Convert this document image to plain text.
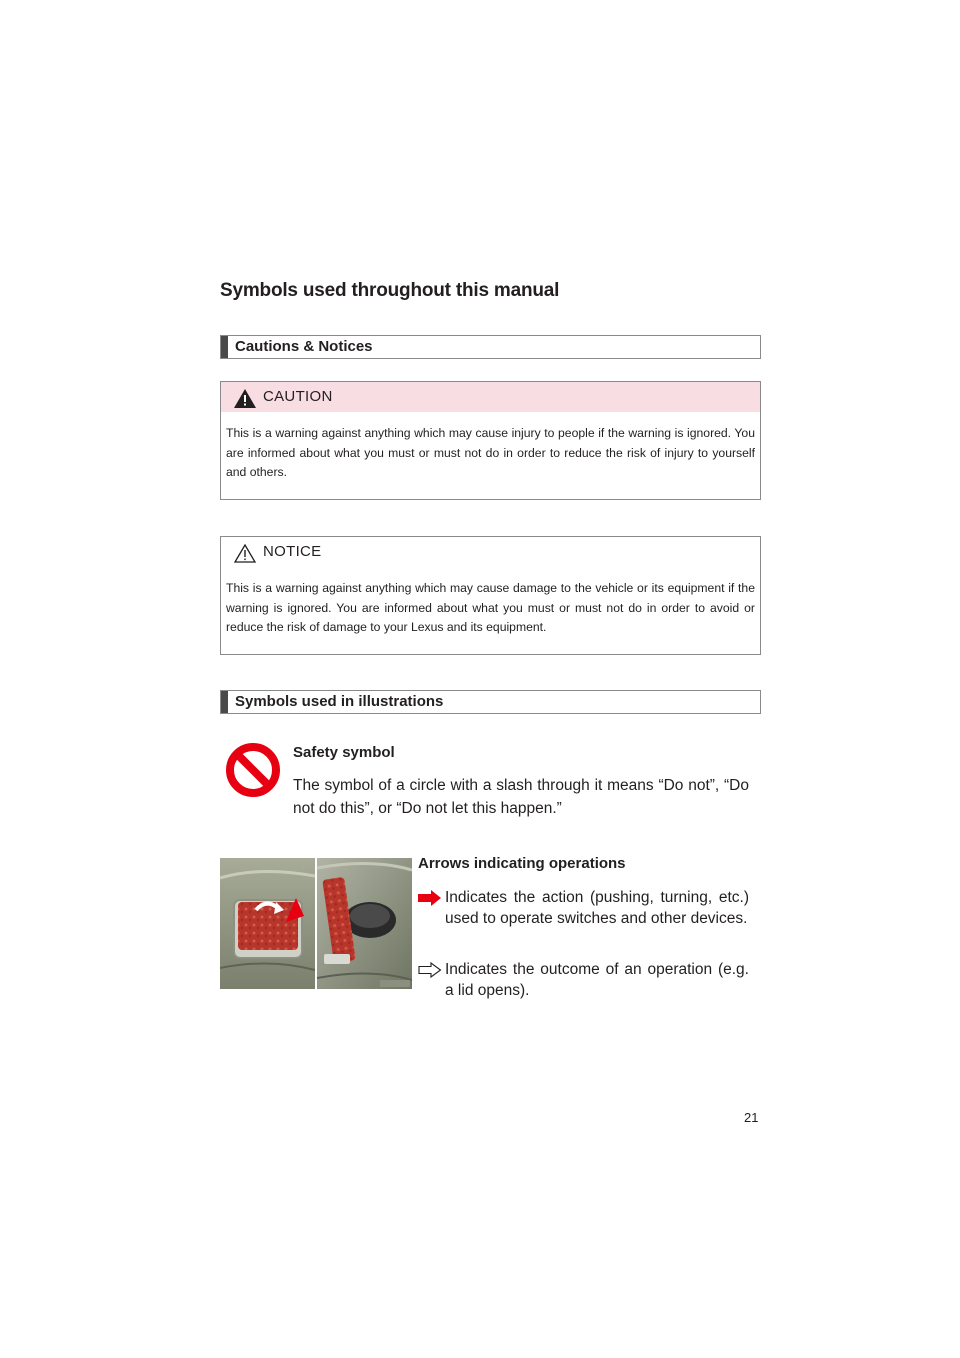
Symbols used throughout this manual
Cautions & Notices
CAUTION
This is a warning against anything which may cause injury to people if the warning is ignored. You are informed about what you must or must not do in order to reduce the risk of injury to yourself and others.
NOTICE
This is a warning against anything which may cause damage to the vehicle or its equipment if the warning is ignored. You are informed about what you must or must not do in order to avoid or reduce the risk of damage to your Lexus and its equipment.
Symbols used in illustrations
Safety symbol
The symbol of a circle with a slash through it means “Do not”, “Do not do this”, or “Do not let this happen.”
Arrows indicating operations
Indicates the action (pushing, turning, etc.) used to operate switches and other devices.
Indicates the outcome of an operation (e.g. a lid opens).
21
